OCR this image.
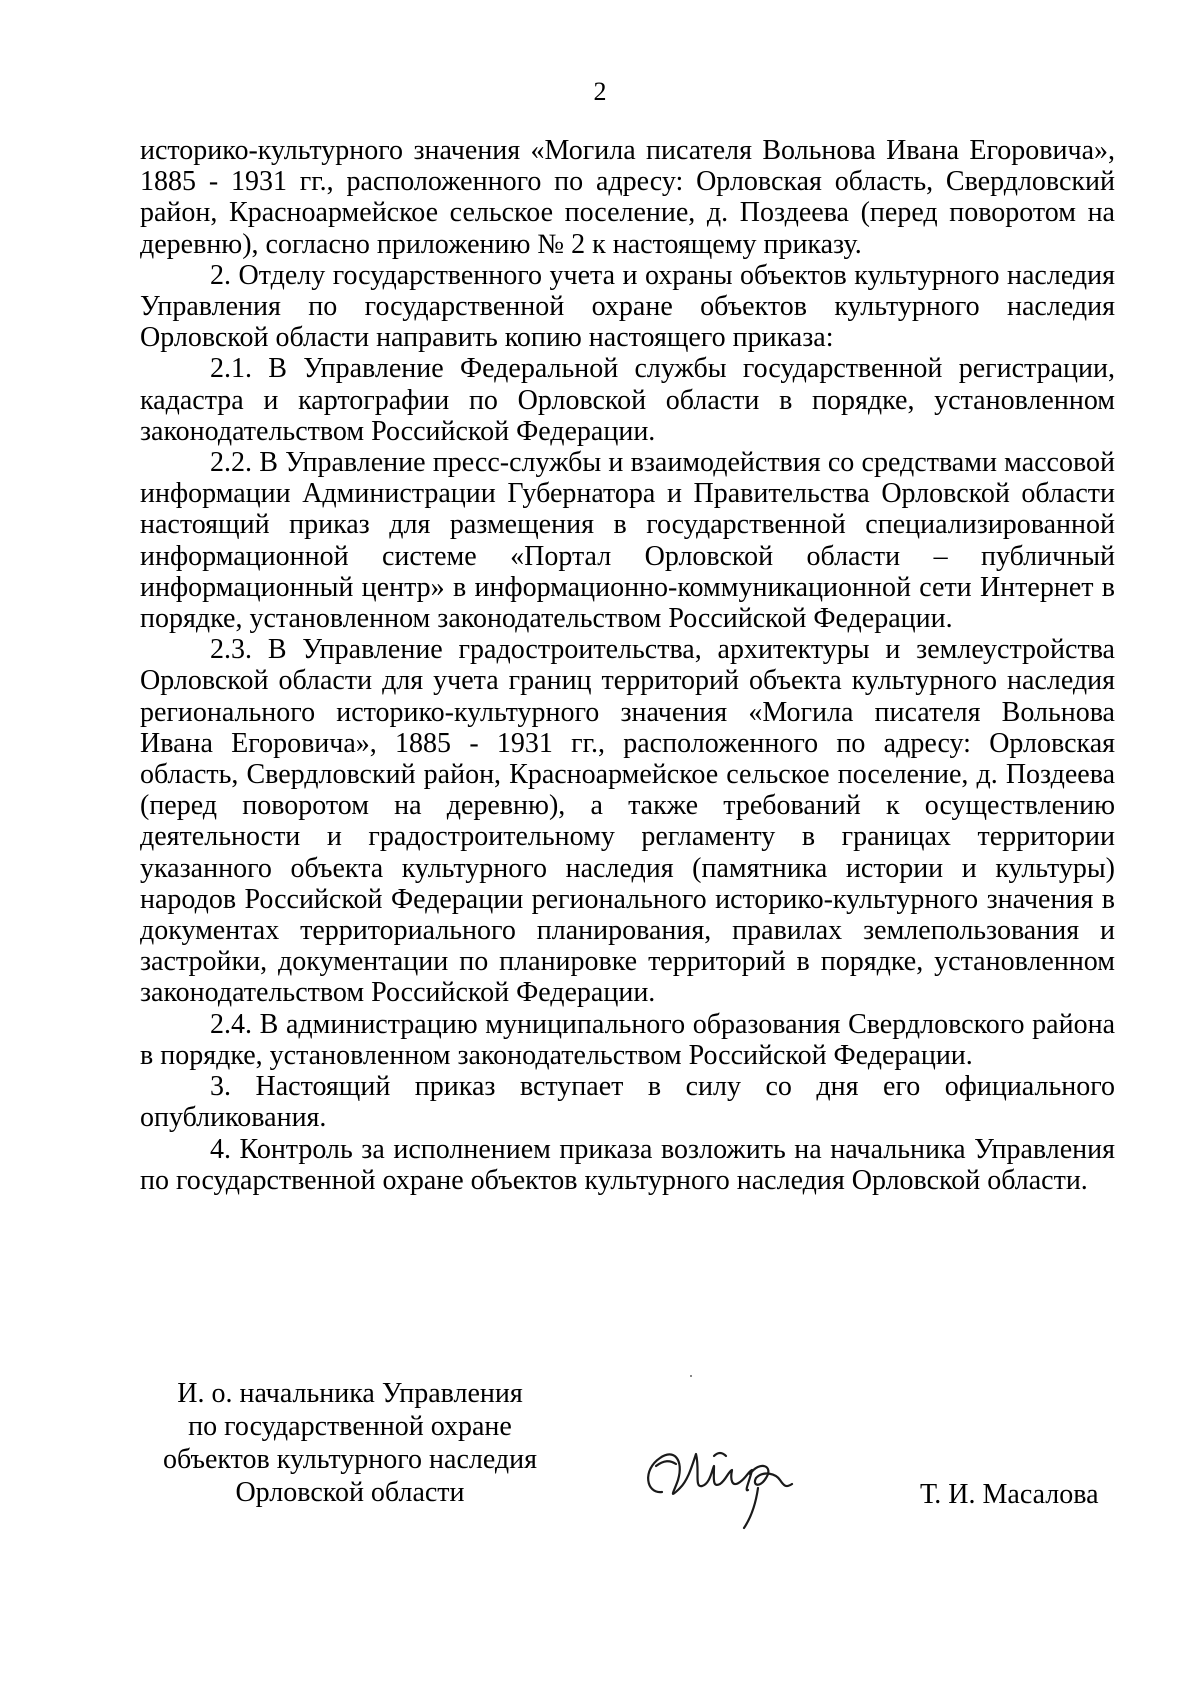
2

историко-культурного значения «Могила писателя Вольнова Ивана Егоровича», 1885 - 1931 гг., расположенного по адресу: Орловская область, Свердловский район, Красноармейское сельское поселение, д. Поздеева (перед поворотом на деревню), согласно приложению № 2 к настоящему приказу.

2. Отделу государственного учета и охраны объектов культурного наследия Управления по государственной охране объектов культурного наследия Орловской области направить копию настоящего приказа:

2.1. В Управление Федеральной службы государственной регистрации, кадастра и картографии по Орловской области в порядке, установленном законодательством Российской Федерации.

2.2. В Управление пресс-службы и взаимодействия со средствами массовой информации Администрации Губернатора и Правительства Орловской области настоящий приказ для размещения в государственной специализированной информационной системе «Портал Орловской области – публичный информационный центр» в информационно-коммуникационной сети Интернет в порядке, установленном законодательством Российской Федерации.

2.3. В Управление градостроительства, архитектуры и землеустройства Орловской области для учета границ территорий объекта культурного наследия регионального историко-культурного значения «Могила писателя Вольнова Ивана Егоровича», 1885 - 1931 гг., расположенного по адресу: Орловская область, Свердловский район, Красноармейское сельское поселение, д. Поздеева (перед поворотом на деревню), а также требований к осуществлению деятельности и градостроительному регламенту в границах территории указанного объекта культурного наследия (памятника истории и культуры) народов Российской Федерации регионального историко-культурного значения в документах территориального планирования, правилах землепользования и застройки, документации по планировке территорий в порядке, установленном законодательством Российской Федерации.

2.4. В администрацию муниципального образования Свердловского района в порядке, установленном законодательством Российской Федерации.

3. Настоящий приказ вступает в силу со дня его официального опубликования.

4. Контроль за исполнением приказа возложить на начальника Управления по государственной охране объектов культурного наследия Орловской области.

И. о. начальника Управления
по государственной охране
объектов культурного наследия
Орловской области	Т. И. Масалова
